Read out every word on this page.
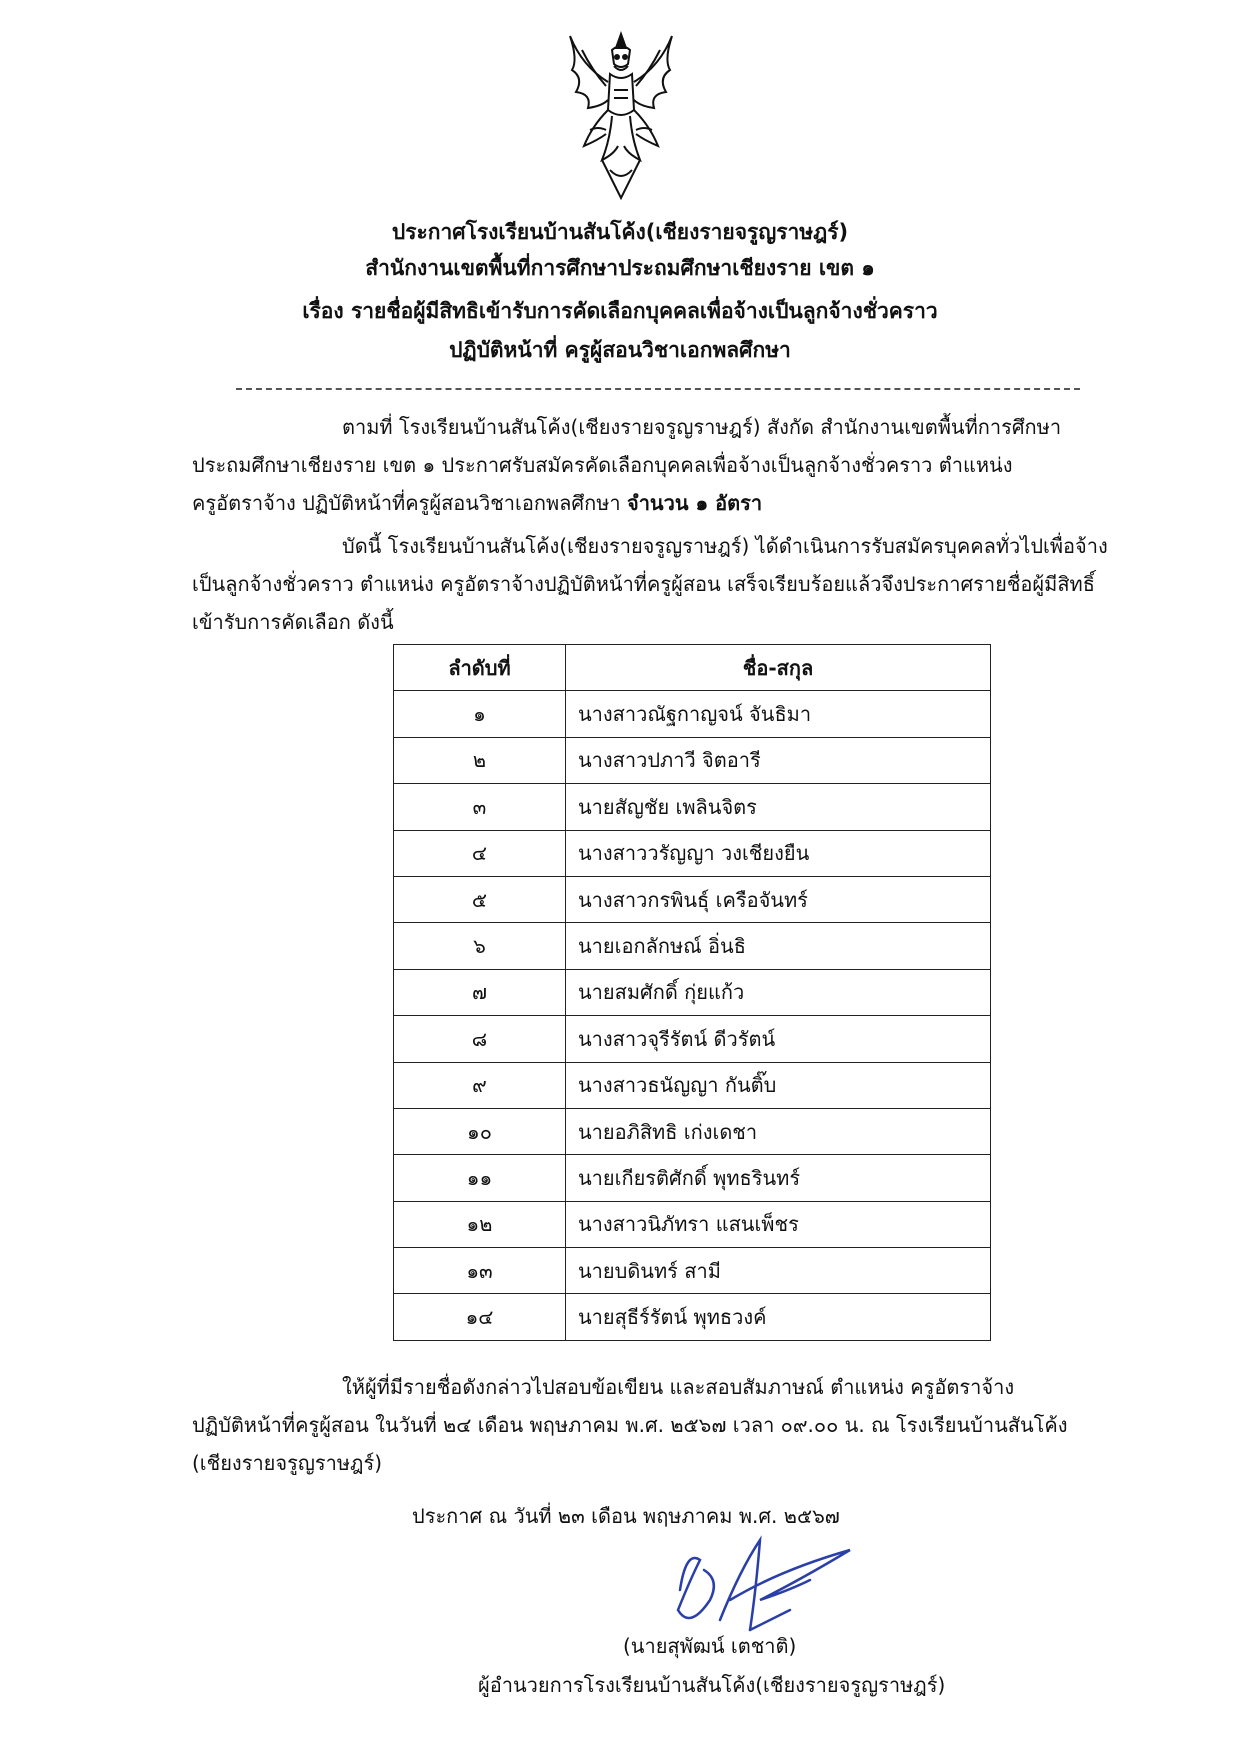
ประกาศโรงเรียนบ้านสันโค้ง(เชียงรายจรูญราษฎร์)
สำนักงานเขตพื้นที่การศึกษาประถมศึกษาเชียงราย เขต ๑
เรื่อง รายชื่อผู้มีสิทธิเข้ารับการคัดเลือกบุคคลเพื่อจ้างเป็นลูกจ้างชั่วคราว
ปฏิบัติหน้าที่ ครูผู้สอนวิชาเอกพลศึกษา
ตามที่ โรงเรียนบ้านสันโค้ง(เชียงรายจรูญราษฎร์) สังกัด สำนักงานเขตพื้นที่การศึกษา
ประถมศึกษาเชียงราย เขต ๑ ประกาศรับสมัครคัดเลือกบุคคลเพื่อจ้างเป็นลูกจ้างชั่วคราว ตำแหน่ง
ครูอัตราจ้าง ปฏิบัติหน้าที่ครูผู้สอนวิชาเอกพลศึกษา จำนวน ๑ อัตรา
บัดนี้ โรงเรียนบ้านสันโค้ง(เชียงรายจรูญราษฎร์) ได้ดำเนินการรับสมัครบุคคลทั่วไปเพื่อจ้าง
เป็นลูกจ้างชั่วคราว ตำแหน่ง ครูอัตราจ้างปฏิบัติหน้าที่ครูผู้สอน เสร็จเรียบร้อยแล้วจึงประกาศรายชื่อผู้มีสิทธิ์
เข้ารับการคัดเลือก ดังนี้
ลำดับที่	ชื่อ-สกุล
๑	นางสาวณัฐกาญจน์ จันธิมา
๒	นางสาวปภาวี จิตอารี
๓	นายสัญชัย เพลินจิตร
๔	นางสาววรัญญา วงเชียงยืน
๕	นางสาวกรพินธุ์ เครือจันทร์
๖	นายเอกลักษณ์ อิ่นธิ
๗	นายสมศักดิ์ กุ่ยแก้ว
๘	นางสาวจุรีรัตน์ ดีวรัตน์
๙	นางสาวธนัญญา กันติ๊บ
๑๐	นายอภิสิทธิ เก่งเดชา
๑๑	นายเกียรติศักดิ์ พุทธรินทร์
๑๒	นางสาวนิภัทรา แสนเพ็ชร
๑๓	นายบดินทร์ สามี
๑๔	นายสุธีร์รัตน์ พุทธวงค์
ให้ผู้ที่มีรายชื่อดังกล่าวไปสอบข้อเขียน และสอบสัมภาษณ์ ตำแหน่ง ครูอัตราจ้าง
ปฏิบัติหน้าที่ครูผู้สอน ในวันที่ ๒๔ เดือน พฤษภาคม พ.ศ. ๒๕๖๗ เวลา ๐๙.๐๐ น. ณ โรงเรียนบ้านสันโค้ง
(เชียงรายจรูญราษฎร์)
ประกาศ ณ วันที่ ๒๓ เดือน พฤษภาคม พ.ศ. ๒๕๖๗
(นายสุพัฒน์ เตชาติ)
ผู้อำนวยการโรงเรียนบ้านสันโค้ง(เชียงรายจรูญราษฎร์)
